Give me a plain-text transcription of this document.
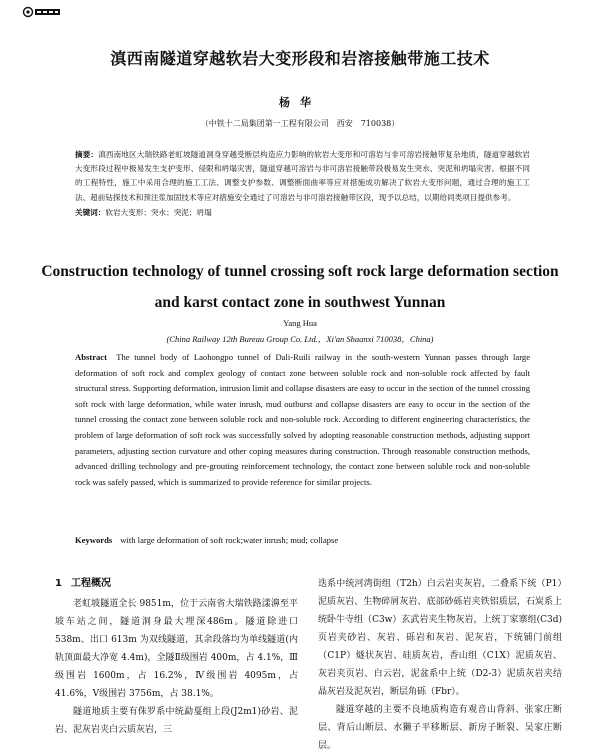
滇西南隧道穿越软岩大变形段和岩溶接触带施工技术
杨华
（中铁十二局集团第一工程有限公司　西安　710038）
摘要：滇西南地区大瑞铁路老虹坡隧道洞身穿越受断层构造应力影响的软岩大变形和可溶岩与非可溶岩接触带复杂地质，隧道穿越软岩大变形段过程中极易发生支护变形、侵限和坍塌灾害，隧道穿越可溶岩与非可溶岩接触带段极易发生突水、突泥和坍塌灾害。根据不同的工程特性，施工中采用合理的施工工法、调整支护参数、调整断面曲率等应对措施成功解决了软岩大变形问题，通过合理的施工工法、超前钻探技术和预注浆加固技术等应对措施安全通过了可溶岩与非可溶岩接触带区段，现予以总结，以期给同类项目提供参考。
关键词：软岩大变形；突水；突泥；坍塌
Construction technology of tunnel crossing soft rock large deformation section
and karst contact zone in southwest Yunnan
Yang Hua
(China Railway 12th Bureau Group Co. Ltd.，Xi'an Shaanxi 710038，China)
Abstract The tunnel body of Laohongpo tunnel of Dali-Ruili railway in the south-western Yunnan passes through large deformation of soft rock and complex geology of contact zone between soluble rock and non-soluble rock affected by fault structural stress. Supporting deformation, intrusion limit and collapse disasters are easy to occur in the section of the tunnel crossing soft rock with large deformation, while water inrush, mud outburst and collapse disasters are easy to occur in the section of the tunnel crossing the contact zone between soluble rock and non-soluble rock. According to different engineering characteristics, the problem of large deformation of soft rock was successfully solved by adopting reasonable construction methods, adjusting support parameters, adjusting section curvature and other coping measures during construction. Through reasonable construction methods, advanced drilling technology and pre-grouting reinforcement technology, the contact zone between soluble rock and non-soluble rock was safely passed, which is summarized to provide reference for similar projects.
Keywords with large deformation of soft rock;water inrush; mud; collapse
1 工程概况
老虹坡隧道全长 9851m，位于云南省大瑞铁路漾濞至平坡车站之间，隧道洞身最大埋深486m。隧道除进口 538m、出口 613m 为双线隧道，其余段落均为单线隧道(内轨顶面最大净宽 4.4m)，全隧Ⅱ级围岩 400m，占 4.1%，Ⅲ级围岩 1600m，占 16.2%，Ⅳ级围岩 4095m，占 41.6%，Ⅴ级围岩 3756m，占 38.1%。
隧道地质主要有侏罗系中统勐戛组上段(J2m1)砂岩、泥岩、泥灰岩夹白云质灰岩，三
迭系中统河湾街组（T2h）白云岩夹灰岩，二叠系下统（P1）泥质灰岩、生物碎屑灰岩、底部砂砾岩夹铁铝质层，石炭系上统卧牛寺组（C3w）玄武岩夹生物灰岩，上统丁家寨组(C3d)页岩夹砂岩、灰岩、砾岩和灰岩、泥灰岩，下统铺门前组（C1P）燧状灰岩、硅质灰岩，香山组（C1X）泥质灰岩、灰岩夹页岩、白云岩，泥盆系中上统（D2-3）泥质灰岩夹结晶灰岩及泥灰岩，断层角砾（Fbr）。
隧道穿越的主要不良地质构造有观音山背斜、张家庄断层、背后山断层、水獭子平移断层、新房子断裂、吴家庄断层。
